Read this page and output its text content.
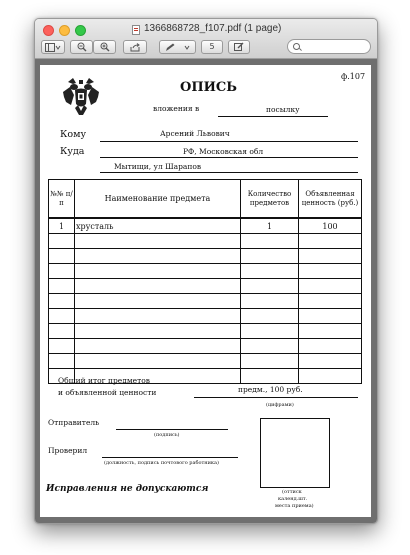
1366868728_f107.pdf (1 page)
5
ф.107
ОПИСЬ
вложения в	посылку
Кому	Арсений Львович
Куда	РФ, Московская обл
Мытищи, ул Шарапов
№№ п/п	Наименование предмета	Количество предметов	Объявленная ценность (руб.)
1	хрусталь	1	100

Общий итог предметов
и объявленной ценности	предм., 100 руб.
(цифрами)
Отправитель
(подпись)
Проверил
(должность, подпись почтового работника)
(оттиск
календ.шт.
места приема)
Исправления не допускаются
